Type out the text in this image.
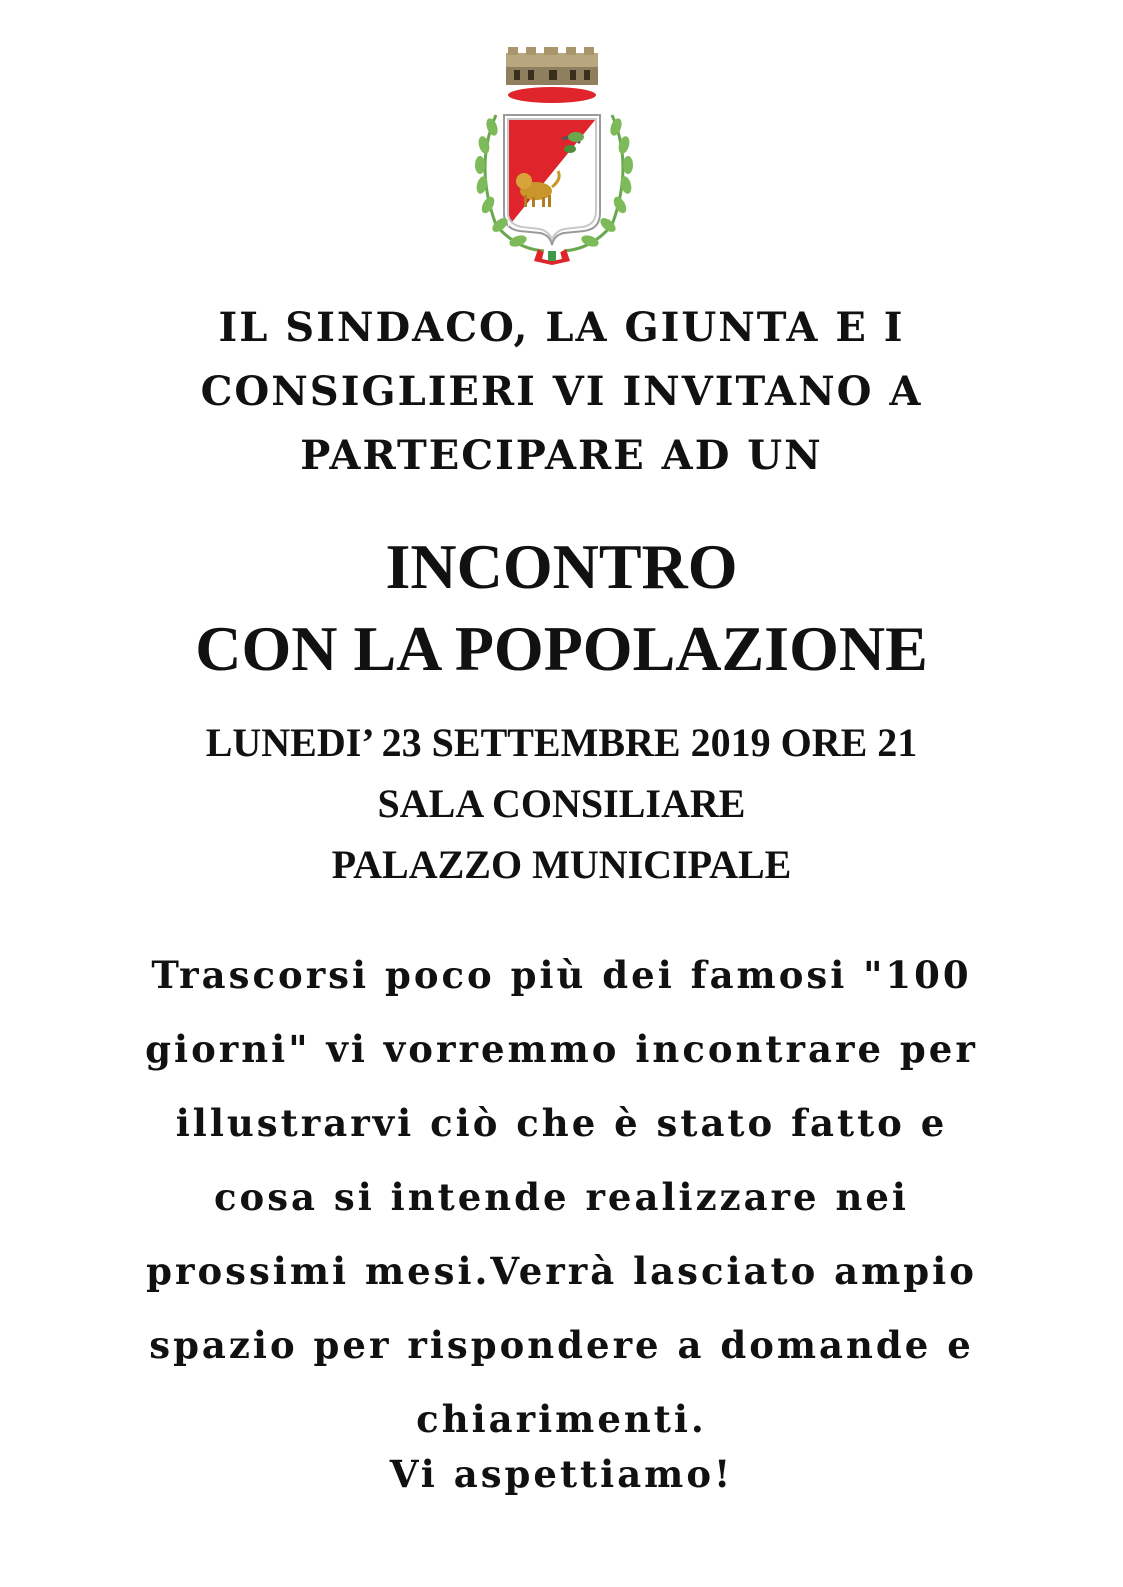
IL SINDACO, LA GIUNTA E I
CONSIGLIERI VI INVITANO A
PARTECIPARE AD UN
INCONTRO
CON LA POPOLAZIONE
LUNEDI’ 23 SETTEMBRE 2019 ORE 21
SALA CONSILIARE
PALAZZO MUNICIPALE
Trascorsi poco più dei famosi "100
giorni" vi vorremmo incontrare per
illustrarvi ciò che è stato fatto e
cosa si intende realizzare nei
prossimi mesi.Verrà lasciato ampio
spazio per rispondere a domande e
chiarimenti.
Vi aspettiamo!
